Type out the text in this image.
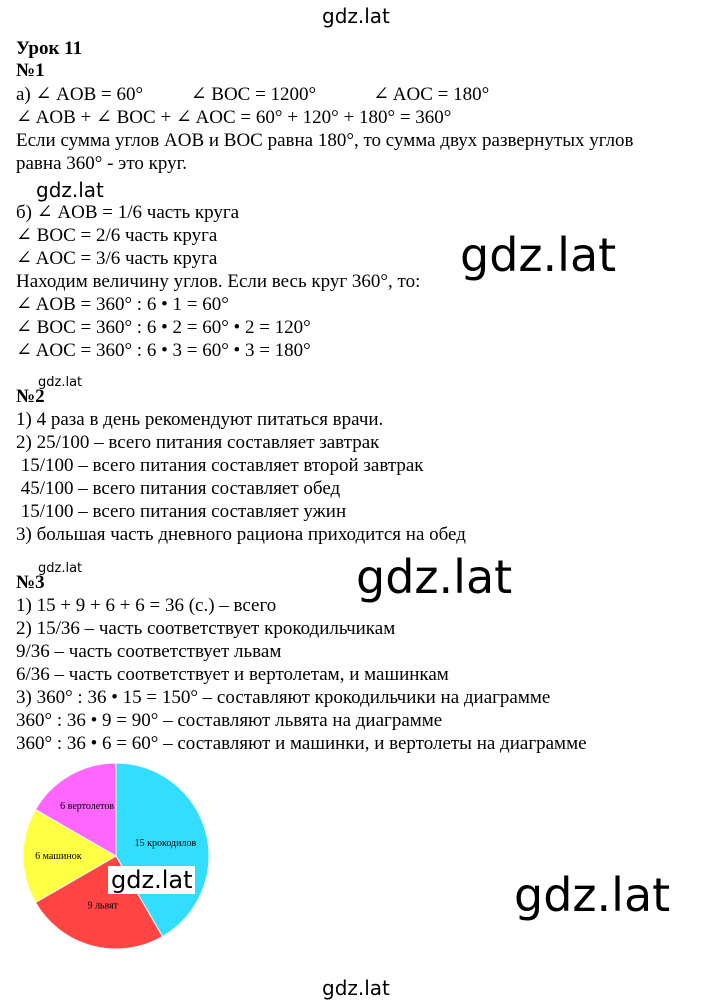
gdz.lat
gdz.lat
gdz.lat
gdz.lat
gdz.lat	gdz.lat
gdz.lat
gdz.lat
Урок 11
№1
а) ∠ AOB = 60°          ∠ BOC = 1200°            ∠ AOC = 180°
∠ AOB + ∠ BOC + ∠ AOC = 60° + 120° + 180° = 360°
Если сумма углов AOB и BOC равна 180°, то сумма двух развернутых углов
равна 360° - это круг.
б) ∠ AOB = 1/6 часть круга
∠ BOC = 2/6 часть круга
∠ AOC = 3/6 часть круга
Находим величину углов. Если весь круг 360°, то:
∠ AOB = 360° : 6 • 1 = 60°
∠ BOC = 360° : 6 • 2 = 60° • 2 = 120°
∠ AOC = 360° : 6 • 3 = 60° • 3 = 180°
№2
1) 4 раза в день рекомендуют питаться врачи.
2) 25/100 – всего питания составляет завтрак
15/100 – всего питания составляет второй завтрак
45/100 – всего питания составляет обед
15/100 – всего питания составляет ужин
3) большая часть дневного рациона приходится на обед
№3
1) 15 + 9 + 6 + 6 = 36 (с.) – всего
2) 15/36 – часть соответствует крокодильчикам
9/36 – часть соответствует львам
6/36 – часть соответствует и вертолетам, и машинкам
3) 360° : 36 • 15 = 150° – составляют крокодильчики на диаграмме
360° : 36 • 9 = 90° – составляют львята на диаграмме
360° : 36 • 6 = 60° – составляют и машинки, и вертолеты на диаграмме
15 крокодилов
9 львят
6 машинок
6 вертолетов
gdz.lat
